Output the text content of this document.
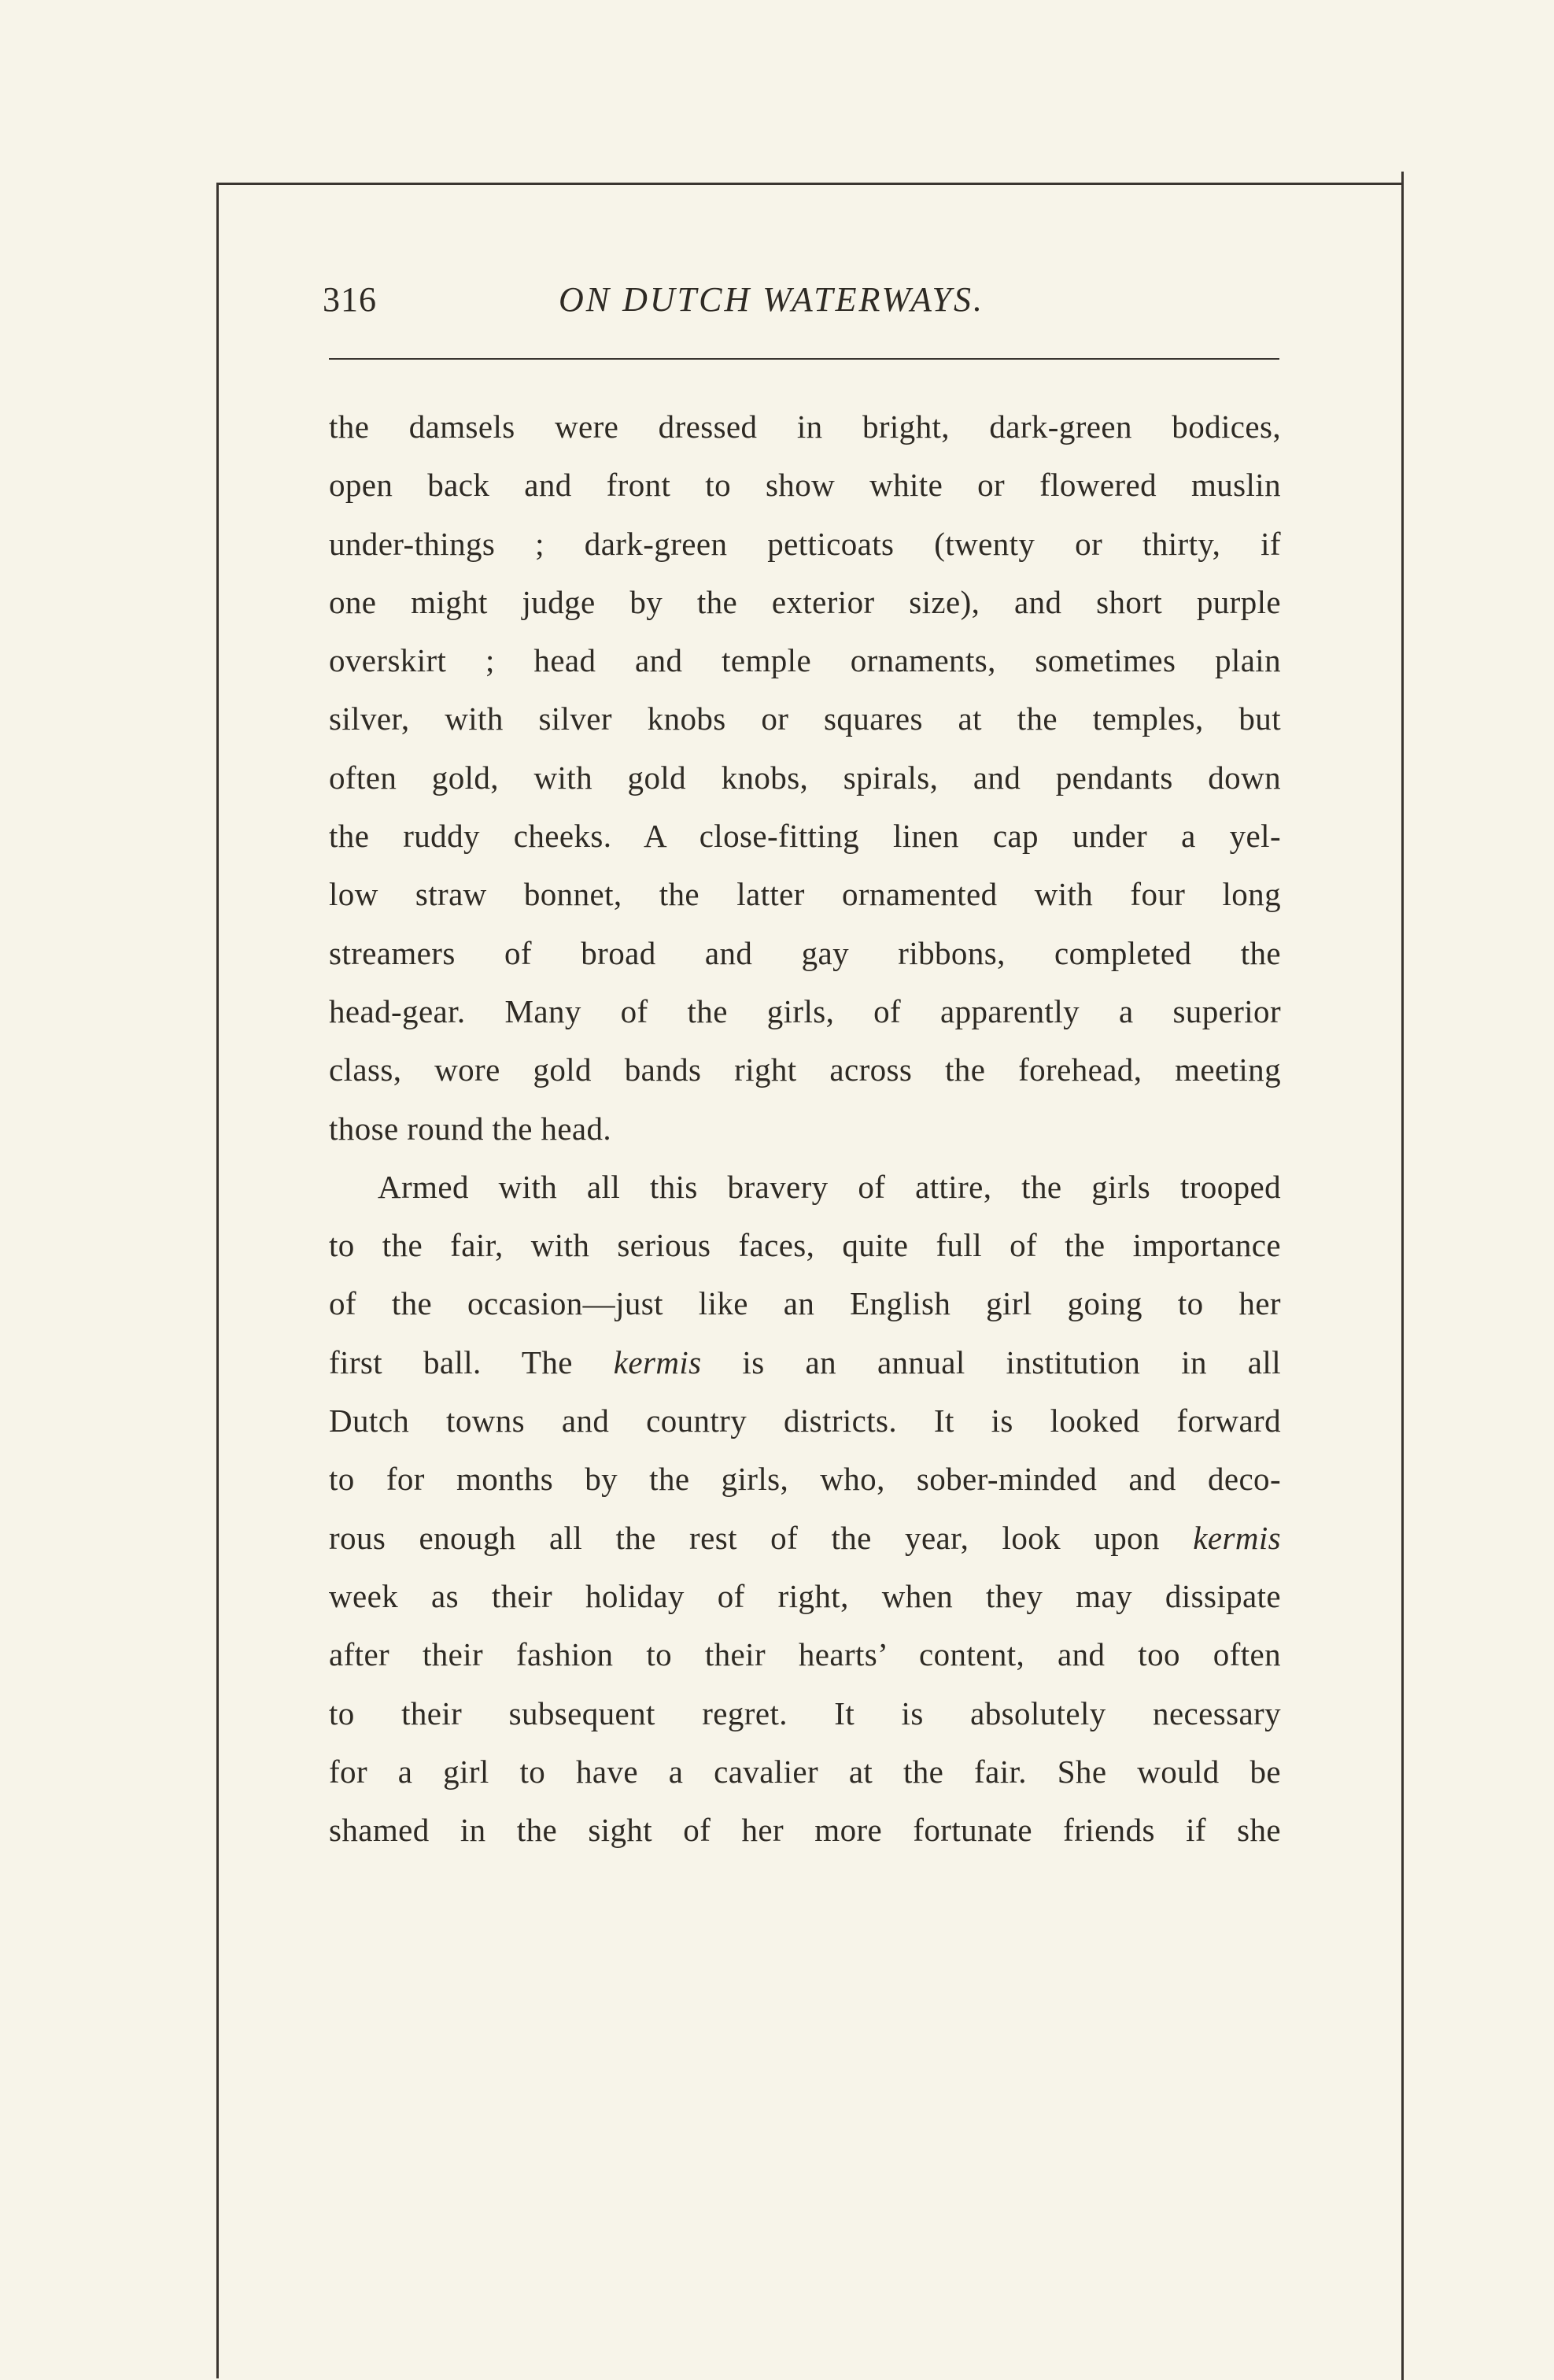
316	ON DUTCH WATERWAYS.
the damsels were dressed in bright, dark-green bodices,
open back and front to show white or flowered muslin
under-things ; dark-green petticoats (twenty or thirty, if
one might judge by the exterior size), and short purple
overskirt ; head and temple ornaments, sometimes plain
silver, with silver knobs or squares at the temples, but
often gold, with gold knobs, spirals, and pendants down
the ruddy cheeks. A close-fitting linen cap under a yel-
low straw bonnet, the latter ornamented with four long
streamers of broad and gay ribbons, completed the
head-gear. Many of the girls, of apparently a superior
class, wore gold bands right across the forehead, meeting
those round the head.
Armed with all this bravery of attire, the girls trooped
to the fair, with serious faces, quite full of the importance
of the occasion—just like an English girl going to her
first ball. The kermis is an annual institution in all
Dutch towns and country districts. It is looked forward
to for months by the girls, who, sober-minded and deco-
rous enough all the rest of the year, look upon kermis
week as their holiday of right, when they may dissipate
after their fashion to their hearts’ content, and too often
to their subsequent regret. It is absolutely necessary
for a girl to have a cavalier at the fair. She would be
shamed in the sight of her more fortunate friends if she
